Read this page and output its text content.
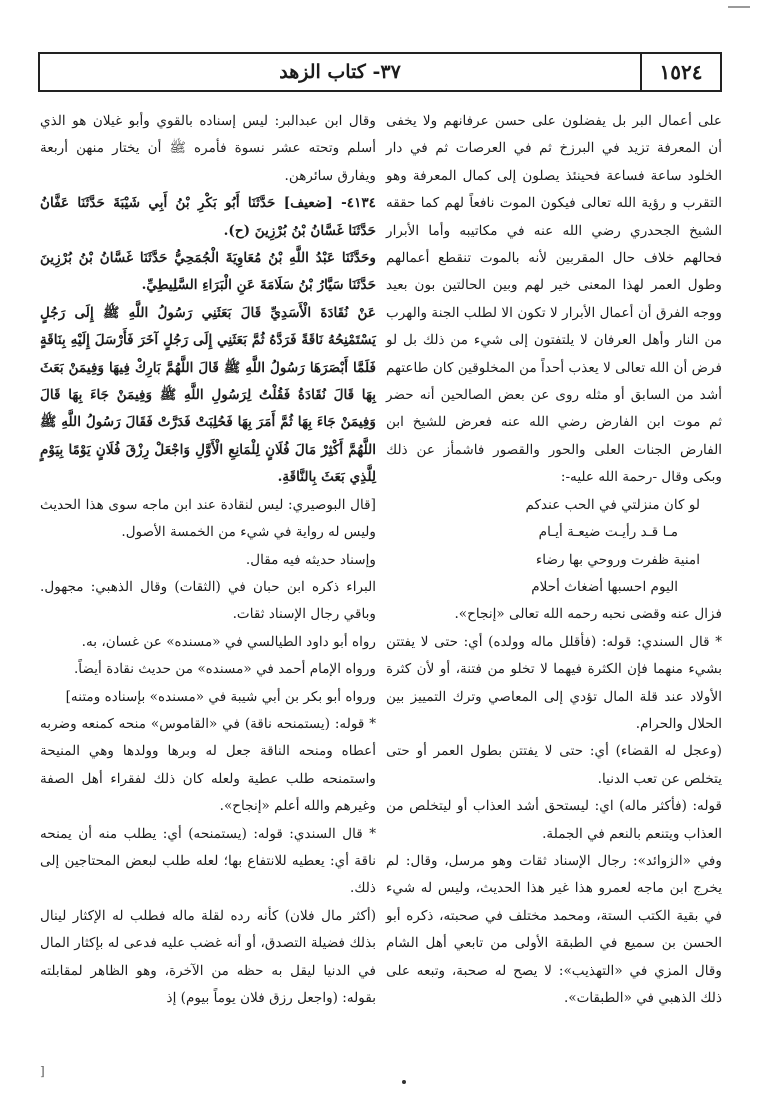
١٥٢٤
٣٧- كتاب الزهد

على أعمال البر بل يفضلون على حسن عرفانهم ولا يخفى أن المعرفة تزيد في البرزخ ثم في العرصات ثم في دار الخلود ساعة فساعة فحينئذ يصلون إلى كمال المعرفة وهو التقرب و رؤية الله تعالى فيكون الموت نافعاً لهم كما حققه الشيخ الجحدري رضي الله عنه في مكاتيبه وأما الأبرار فحالهم خلاف حال المقربين لأنه بالموت تنقطع أعمالهم وطول العمر لهذا المعنى خير لهم وبين الحالتين بون بعيد ووجه الفرق أن أعمال الأبرار لا تكون الا لطلب الجنة والهرب من النار وأهل العرفان لا يلتفتون إلى شيء من ذلك بل لو فرض أن الله تعالى لا يعذب أحداً من المخلوقين كان طاعتهم أشد من السابق أو مثله روى عن بعض الصالحين أنه حضر ثم موت ابن الفارض رضي الله عنه فعرض للشيخ ابن الفارض الجنات العلى والحور والقصور فاشمأز عن ذلك وبكى وقال -رحمة الله عليه-:

لو كان منزلتي في الحب عندكم

مـا قـد رأيـت ضيعـة أيـام

امنية ظفرت وروحي بها رضاء

اليوم احسبها أضغاث أحلام

فزال عنه وقضى نحبه رحمه الله تعالى «إنجاح».

* قال السندي: قوله: (فأقلل ماله وولده) أي: حتى لا يفتتن بشيء منهما فإن الكثرة فيهما لا تخلو من فتنة، أو لأن كثرة الأولاد عند قلة المال تؤدي إلى المعاصي وترك التمييز بين الحلال والحرام.

(وعجل له القضاء) أي: حتى لا يفتتن بطول العمر أو حتى يتخلص عن تعب الدنيا.

قوله: (فأكثر ماله) اي: ليستحق أشد العذاب أو ليتخلص من العذاب ويتنعم بالنعم في الجملة.

وفي «الزوائد»: رجال الإسناد ثقات وهو مرسل، وقال: لم يخرج ابن ماجه لعمرو هذا غير هذا الحديث، وليس له شيء في بقية الكتب الستة، ومحمد مختلف في صحبته، ذكره أبو الحسن بن سميع في الطبقة الأولى من تابعي أهل الشام وقال المزي في «التهذيب»: لا يصح له صحبة، وتبعه على ذلك الذهبي في «الطبقات».

وقال ابن عبدالبر: ليس إسناده بالقوي وأبو غيلان هو الذي أسلم وتحته عشر نسوة فأمره ﷺ أن يختار منهن أربعة ويفارق سائرهن.

٤١٣٤- [ضعيف] حَدَّثَنَا أَبُو بَكْرِ بْنُ أَبِي شَيْبَةَ حَدَّثَنَا عَفَّانُ حَدَّثَنَا غَسَّانُ بْنُ بُرْزِينَ (ح).

وحَدَّثَنَا عَبْدُ اللَّهِ بْنُ مُعَاوِيَةَ الْجُمَحِيُّ حَدَّثَنَا غَسَّانُ بْنُ بُرْزِينَ حَدَّثَنَا سَيَّارُ بْنُ سَلَامَةَ عَنِ الْبَرَاءِ السَّلِيطِيِّ.

عَنْ نُقَادَةَ الْأَسَدِيِّ قَالَ بَعَثَنِي رَسُولُ اللَّهِ ﷺ إِلَى رَجُلٍ يَسْتَمْنِحُهُ نَاقَةً فَرَدَّهُ ثُمَّ بَعَثَنِي إِلَى رَجُلٍ آخَرَ فَأَرْسَلَ إِلَيْهِ بِنَاقَةٍ فَلَمَّا أَبْصَرَهَا رَسُولُ اللَّهِ ﷺ قَالَ اللَّهُمَّ بَارِكْ فِيهَا وَفِيمَنْ بَعَثَ بِهَا قَالَ نُقَادَةُ فَقُلْتُ لِرَسُولِ اللَّهِ ﷺ وَفِيمَنْ جَاءَ بِهَا قَالَ وَفِيمَنْ جَاءَ بِهَا ثُمَّ أَمَرَ بِهَا فَحُلِبَتْ فَدَرَّتْ فَقَالَ رَسُولُ اللَّهِ ﷺ اللَّهُمَّ أَكْثِرْ مَالَ فُلَانٍ لِلْمَانِعِ الْأَوَّلِ وَاجْعَلْ رِزْقَ فُلَانٍ يَوْمًا بِيَوْمٍ لِلَّذِي بَعَثَ بِالنَّاقَةِ.

[قال البوصيري: ليس لنقادة عند ابن ماجه سوى هذا الحديث وليس له رواية في شيء من الخمسة الأصول.

وإسناد حديثه فيه مقال.

البراء ذكره ابن حبان في (الثقات) وقال الذهبي: مجهول. وباقي رجال الإسناد ثقات.

رواه أبو داود الطيالسي في «مسنده» عن غسان، به.

ورواه الإمام أحمد في «مسنده» من حديث نقادة أيضاً.

ورواه أبو بكر بن أبي شيبة في «مسنده» بإسناده ومتنه]

* قوله: (يستمنحه ناقة) في «القاموس» منحه كمنعه وضربه أعطاه ومنحه الناقة جعل له وبرها وولدها وهي المنيحة واستمنحه طلب عطية ولعله كان ذلك لفقراء أهل الصفة وغيرهم والله أعلم «إنجاح».

* قال السندي: قوله: (يستمنحه) أي: يطلب منه أن يمنحه ناقة أي: يعطيه للانتفاع بها؛ لعله طلب لبعض المحتاجين إلى ذلك.

(أكثر مال فلان) كأنه رده لقلة ماله فطلب له الإكثار لينال بذلك فضيلة التصدق، أو أنه غضب عليه فدعى له بإكثار المال في الدنيا ليقل به حظه من الآخرة، وهو الظاهر لمقابلته بقوله: (واجعل رزق فلان يوماً بيوم) إذ

[
